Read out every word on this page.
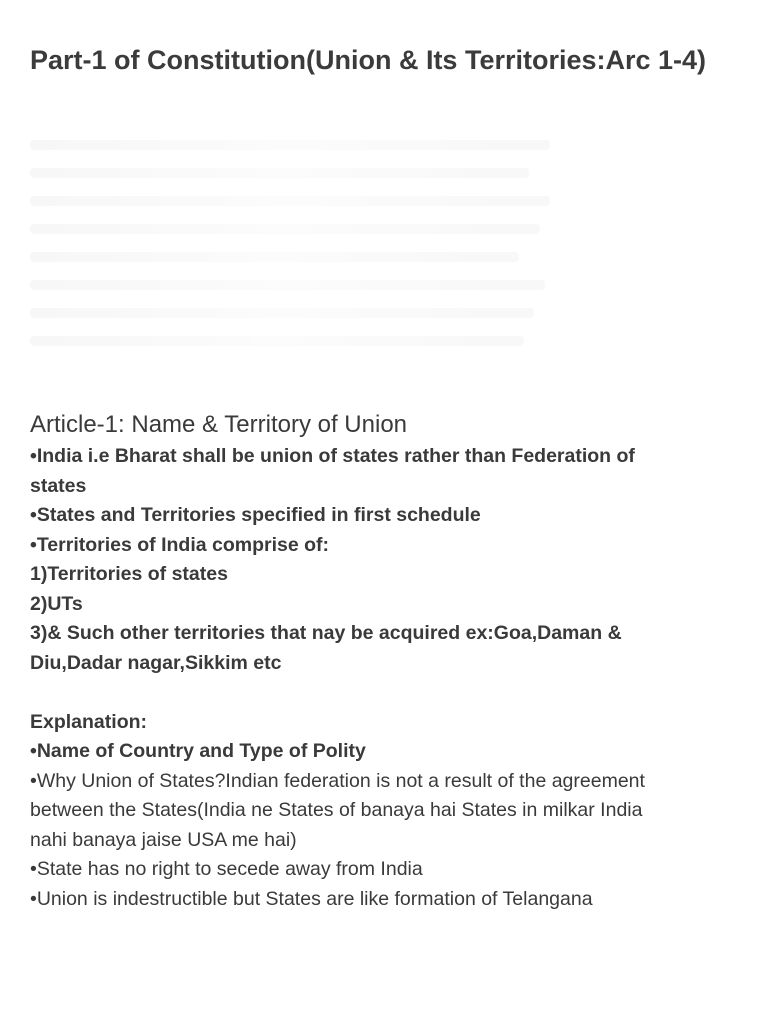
Part-1 of Constitution(Union & Its Territories:Arc 1-4)
Article-1: Name & Territory of Union
•India i.e Bharat shall be union of states rather than Federation of
states
•States and Territories specified in first schedule
•Territories of India comprise of:
1)Territories of states
2)UTs
3)& Such other territories that nay be acquired ex:Goa,Daman &
Diu,Dadar nagar,Sikkim etc
Explanation:
•Name of Country and Type of Polity
•Why Union of States?Indian federation is not a result of the agreement
between the States(India ne States of banaya hai States in milkar India
nahi banaya jaise USA me hai)
•State has no right to secede away from India
•Union is indestructible but States are like formation of Telangana
